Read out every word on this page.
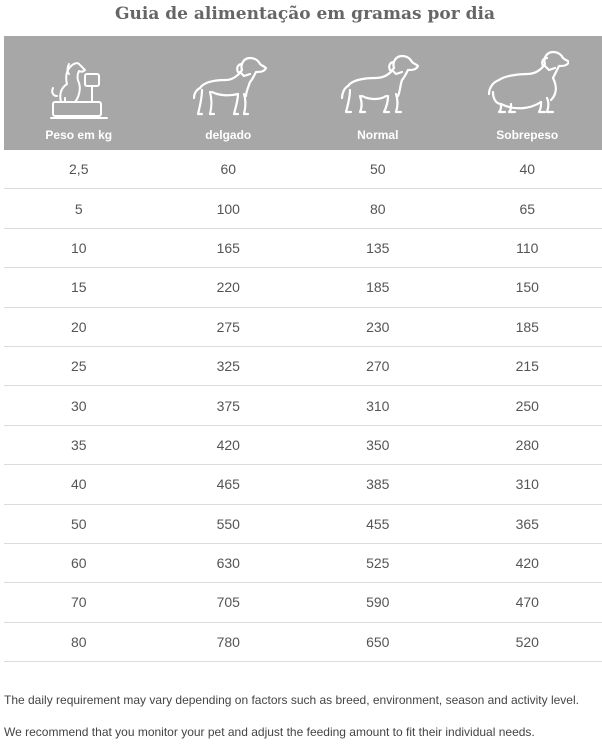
Guia de alimentação em gramas por dia
Peso em kg	delgado	Normal	Sobrepeso
2,5	60	50	40
5	100	80	65
10	165	135	110
15	220	185	150
20	275	230	185
25	325	270	215
30	375	310	250
35	420	350	280
40	465	385	310
50	550	455	365
60	630	525	420
70	705	590	470
80	780	650	520
The daily requirement may vary depending on factors such as breed, environment, season and activity level. We recommend that you monitor your pet and adjust the feeding amount to fit their individual needs.
